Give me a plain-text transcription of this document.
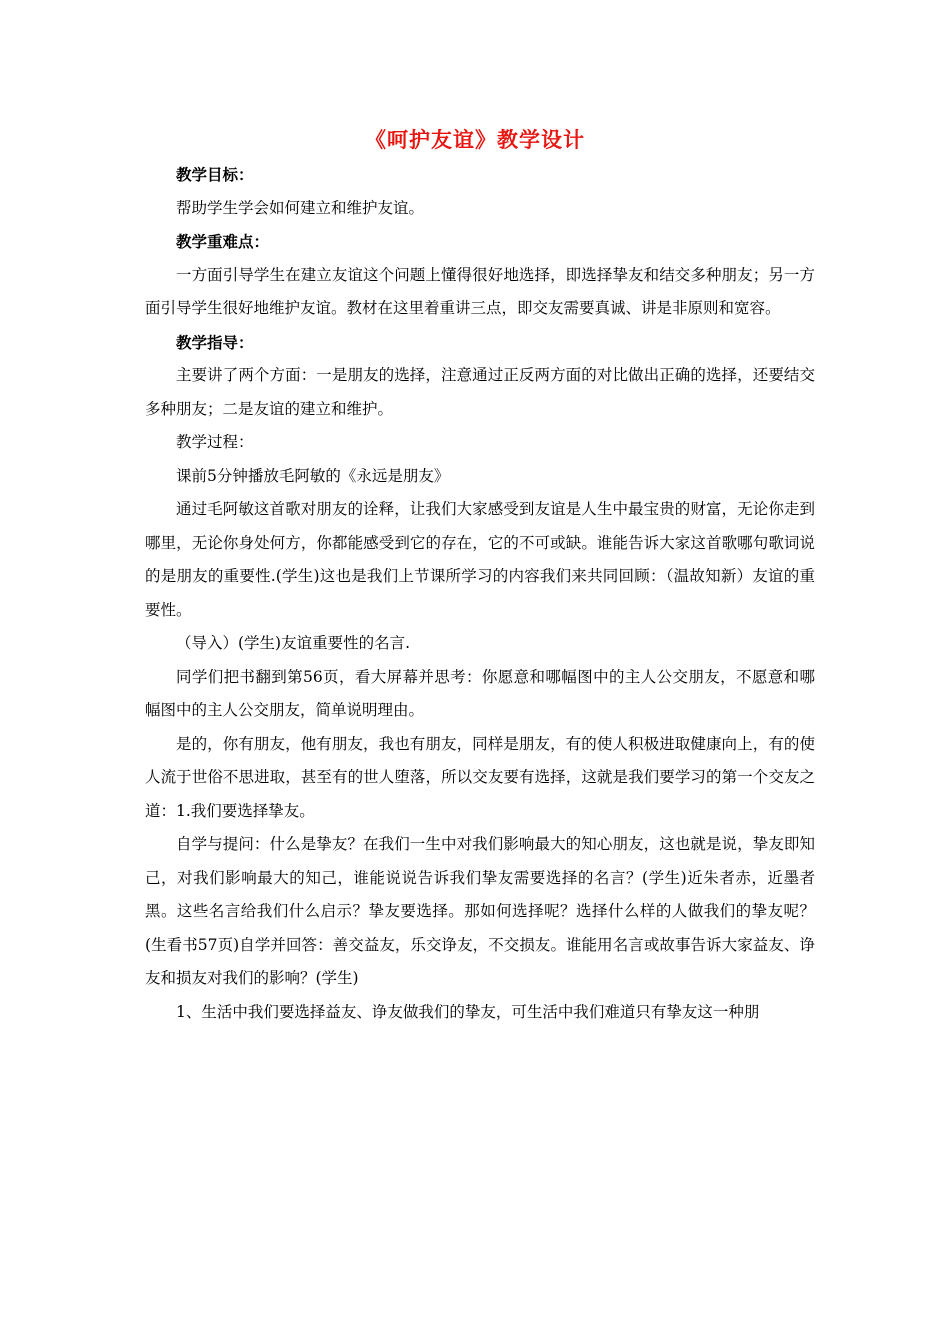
《呵护友谊》教学设计

教学目标：

帮助学生学会如何建立和维护友谊。

教学重难点：

一方面引导学生在建立友谊这个问题上懂得很好地选择，即选择挚友和结交多种朋友；另一方面引导学生很好地维护友谊。教材在这里着重讲三点，即交友需要真诚、讲是非原则和宽容。

教学指导：

主要讲了两个方面：一是朋友的选择，注意通过正反两方面的对比做出正确的选择，还要结交多种朋友；二是友谊的建立和维护。

教学过程：

课前5分钟播放毛阿敏的《永远是朋友》

通过毛阿敏这首歌对朋友的诠释，让我们大家感受到友谊是人生中最宝贵的财富，无论你走到哪里，无论你身处何方，你都能感受到它的存在，它的不可或缺。谁能告诉大家这首歌哪句歌词说的是朋友的重要性.(学生)这也是我们上节课所学习的内容我们来共同回顾：（温故知新）友谊的重要性。

（导入）(学生)友谊重要性的名言.

同学们把书翻到第56页，看大屏幕并思考：你愿意和哪幅图中的主人公交朋友，不愿意和哪幅图中的主人公交朋友，简单说明理由。

是的，你有朋友，他有朋友，我也有朋友，同样是朋友，有的使人积极进取健康向上，有的使人流于世俗不思进取，甚至有的世人堕落，所以交友要有选择，这就是我们要学习的第一个交友之道：1.我们要选择挚友。

自学与提问：什么是挚友？在我们一生中对我们影响最大的知心朋友，这也就是说，挚友即知己，对我们影响最大的知己，谁能说说告诉我们挚友需要选择的名言？(学生)近朱者赤，近墨者黑。这些名言给我们什么启示？挚友要选择。那如何选择呢？选择什么样的人做我们的挚友呢？(生看书57页)自学并回答：善交益友，乐交诤友，不交损友。谁能用名言或故事告诉大家益友、诤友和损友对我们的影响？(学生)

1、生活中我们要选择益友、诤友做我们的挚友，可生活中我们难道只有挚友这一种朋
